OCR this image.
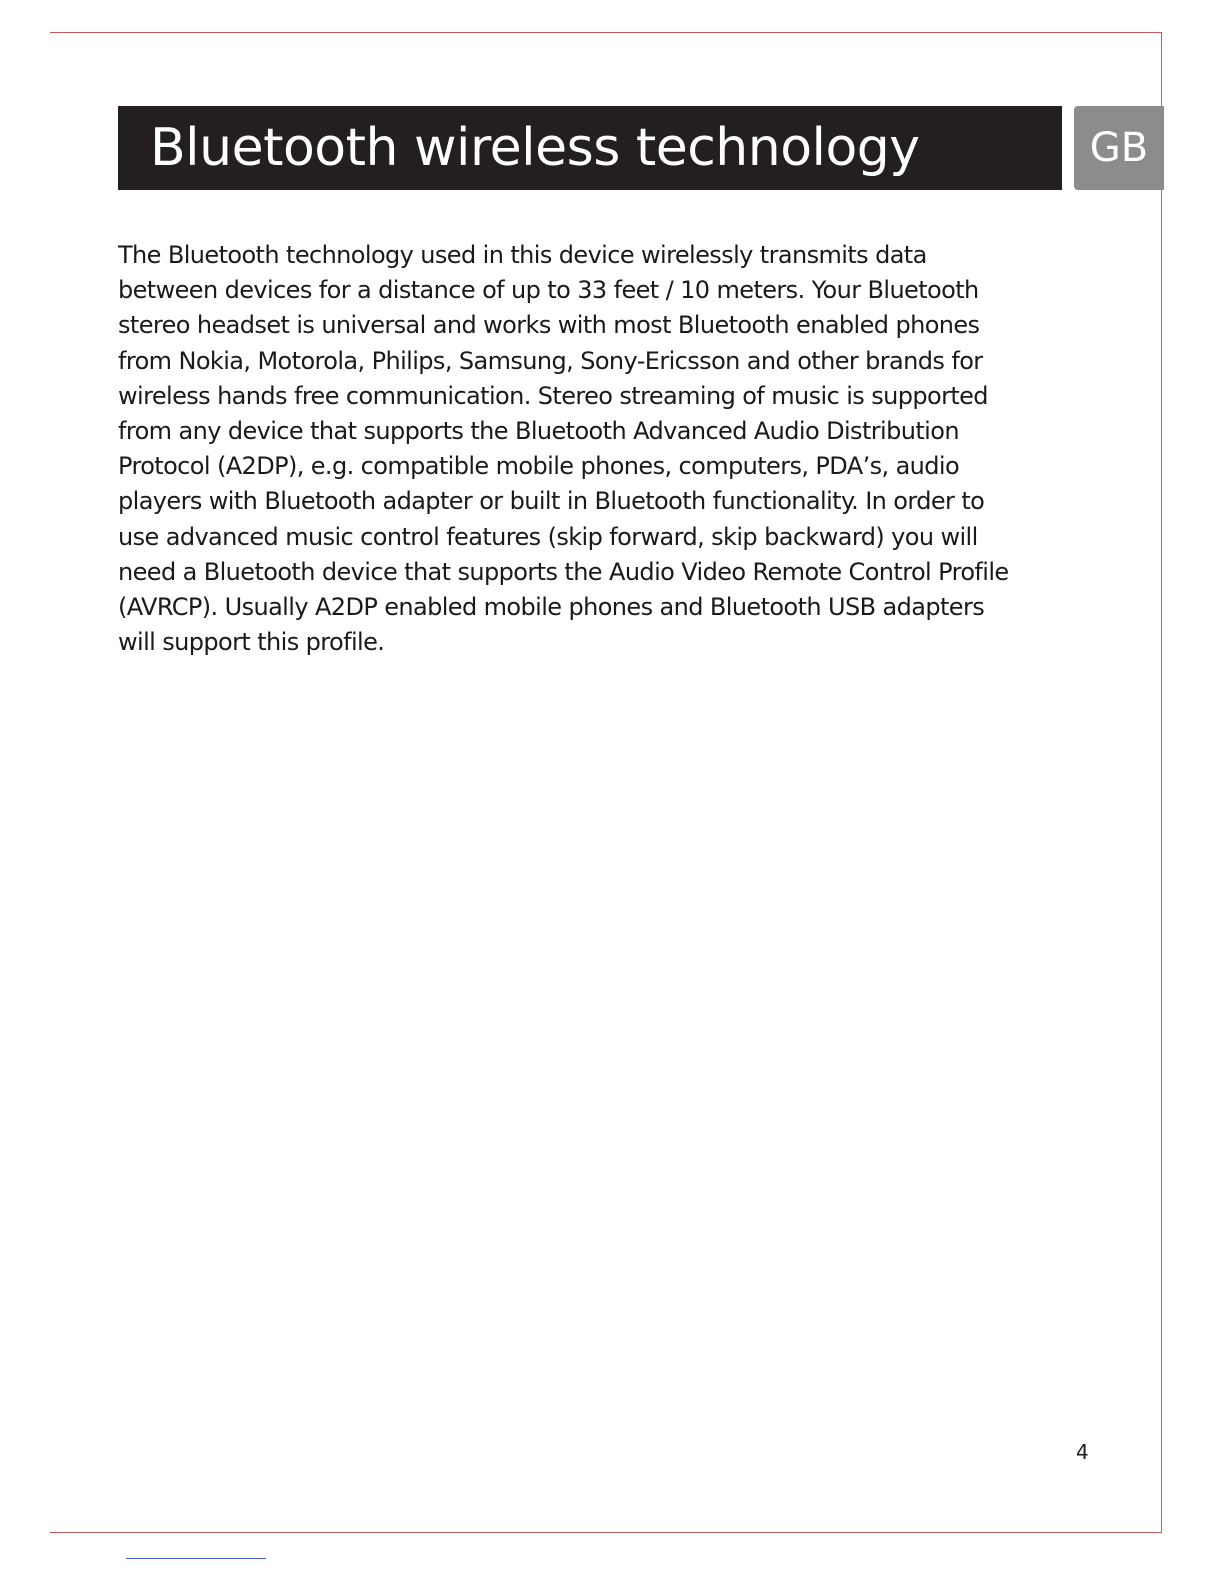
Bluetooth wireless technology	GB
The Bluetooth technology used in this device wirelessly transmits data
between devices for a distance of up to 33 feet / 10 meters. Your Bluetooth
stereo headset is universal and works with most Bluetooth enabled phones
from Nokia, Motorola, Philips, Samsung, Sony-Ericsson and other brands for
wireless hands free communication. Stereo streaming of music is supported
from any device that supports the Bluetooth Advanced Audio Distribution
Protocol (A2DP), e.g. compatible mobile phones, computers, PDA’s, audio
players with Bluetooth adapter or built in Bluetooth functionality. In order to
use advanced music control features (skip forward, skip backward) you will
need a Bluetooth device that supports the Audio Video Remote Control Profile
(AVRCP). Usually A2DP enabled mobile phones and Bluetooth USB adapters
will support this profile.
4
